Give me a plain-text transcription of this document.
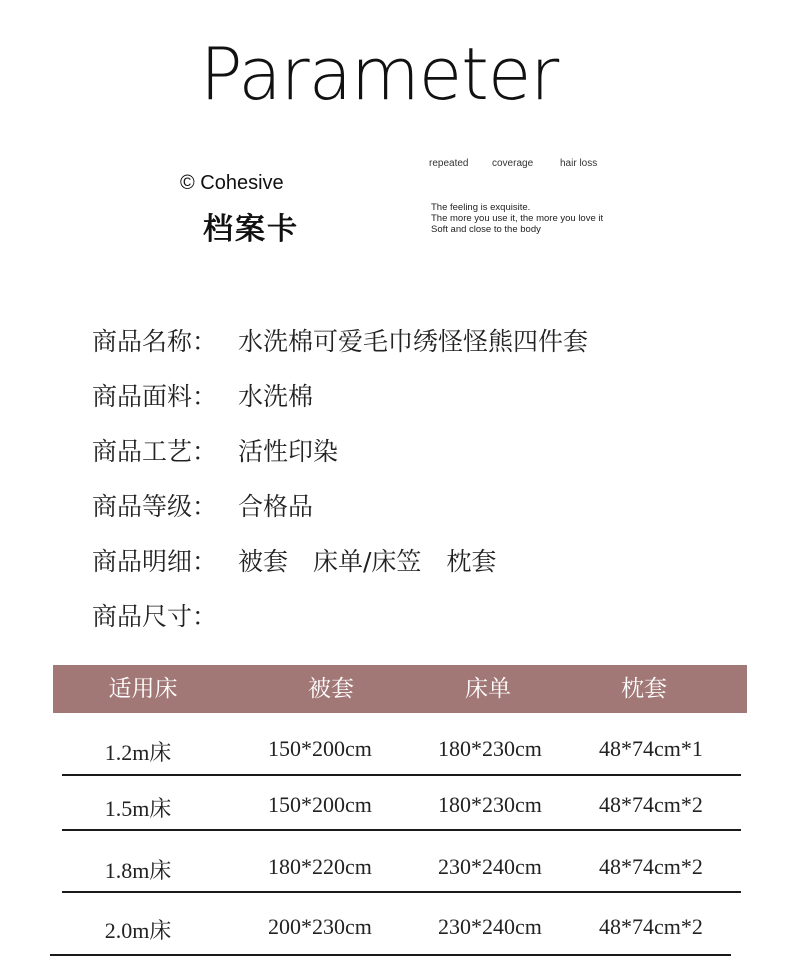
Parameter
© Cohesive
档案卡
repeated coverage	hair loss
The feeling is exquisite.
The more you use it, the more you love it
Soft and close to the body
商品名称： 水洗棉可爱毛巾绣怪怪熊四件套
商品面料： 水洗棉
商品工艺： 活性印染
商品等级： 合格品
商品明细： 被套　床单/床笠　枕套
商品尺寸：
适用床	被套	床单	枕套
1.2m床	150*200cm	180*230cm	48*74cm*1
1.5m床	150*200cm	180*230cm	48*74cm*2
1.8m床	180*220cm	230*240cm	48*74cm*2
2.0m床	200*230cm	230*240cm	48*74cm*2
